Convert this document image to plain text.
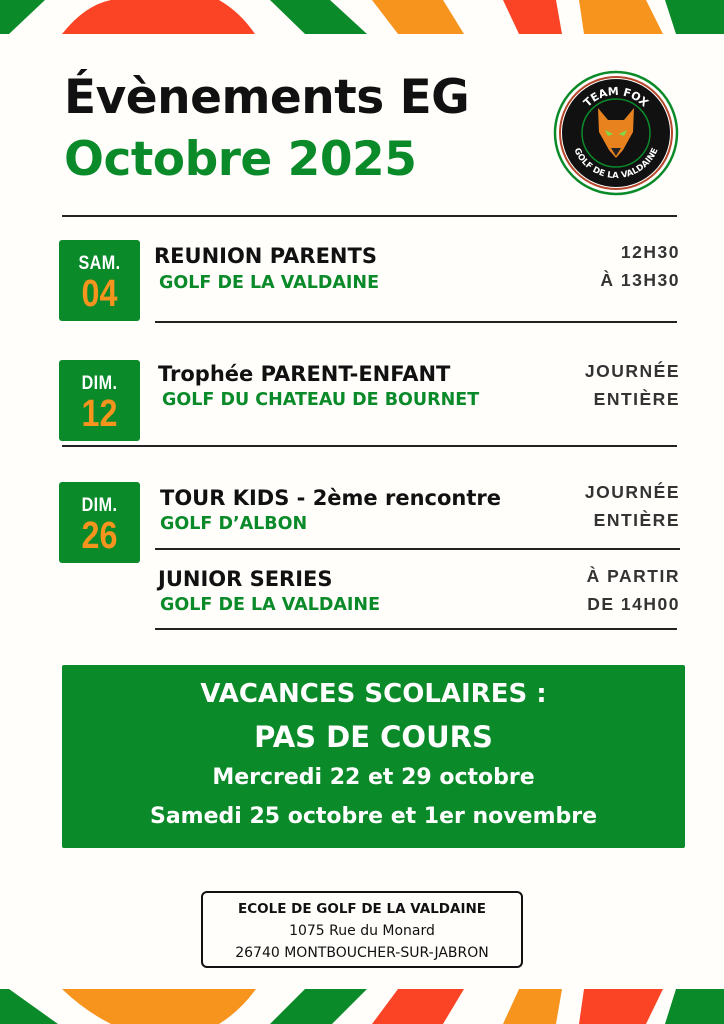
Évènements EG
Octobre 2025
TEAM FOX
GOLF DE LA VALDAINE
SAM.
04
REUNION PARENTS
GOLF DE LA VALDAINE
12H30
À 13H30
DIM.
12
Trophée PARENT-ENFANT
GOLF DU CHATEAU DE BOURNET
JOURNÉE
ENTIÈRE
DIM.
26
TOUR KIDS - 2ème rencontre
GOLF D’ALBON
JOURNÉE
ENTIÈRE
JUNIOR SERIES
GOLF DE LA VALDAINE
À PARTIR
DE 14H00
VACANCES SCOLAIRES :
PAS DE COURS
Mercredi 22 et 29 octobre
Samedi 25 octobre et 1er novembre
ECOLE DE GOLF DE LA VALDAINE
1075 Rue du Monard
26740 MONTBOUCHER-SUR-JABRON
